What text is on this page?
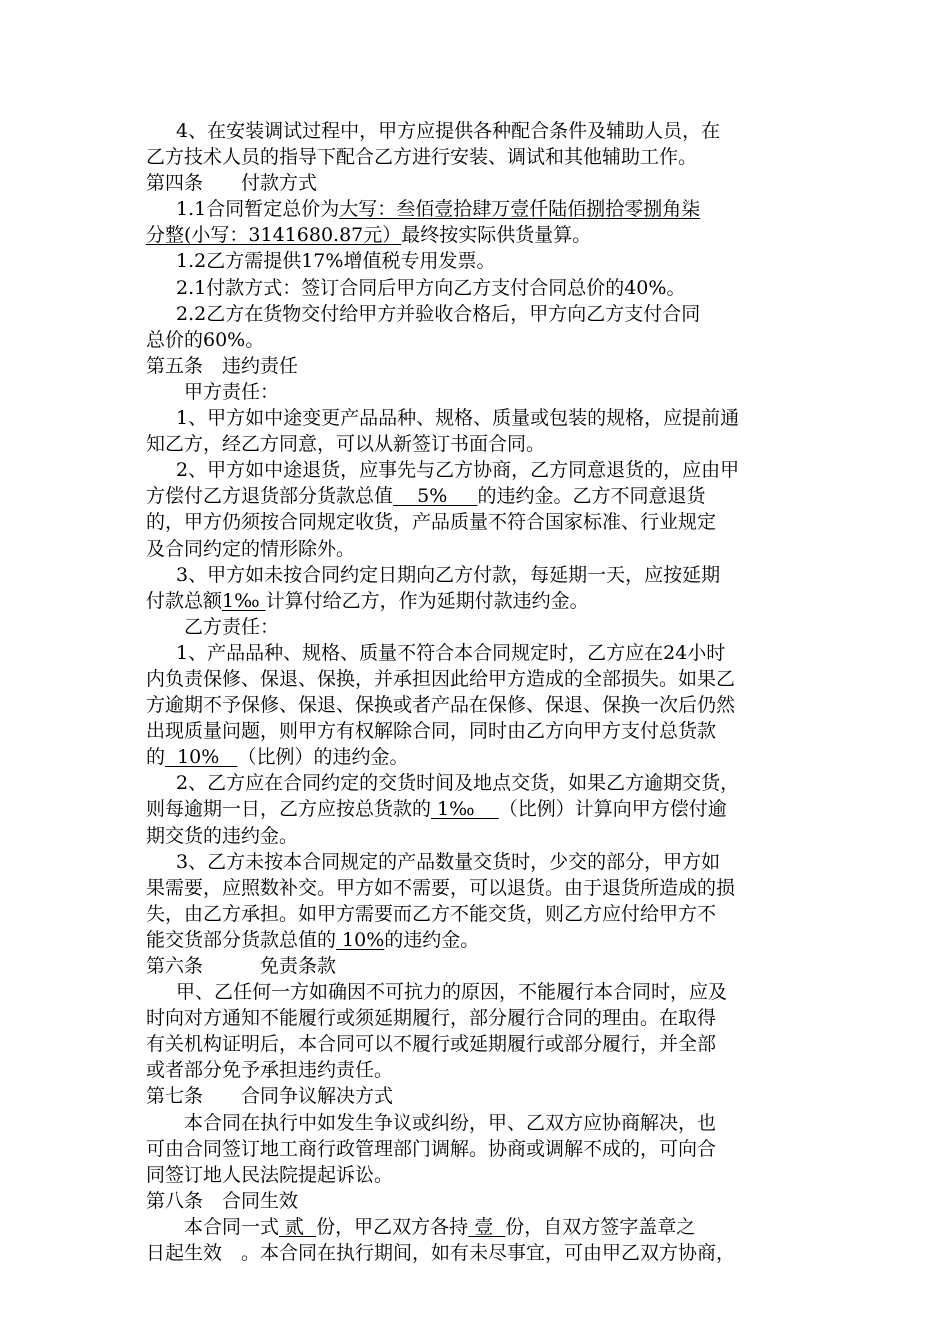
4、在安装调试过程中，甲方应提供各种配合条件及辅助人员，在
乙方技术人员的指导下配合乙方进行安装、调试和其他辅助工作。
第四条　　付款方式
1.1合同暂定总价为大写：叁佰壹拾肆万壹仟陆佰捌拾零捌角柒
分整(小写：3141680.87元）最终按实际供货量算。
1.2乙方需提供17%增值税专用发票。
2.1付款方式：签订合同后甲方向乙方支付合同总价的40%。
2.2乙方在货物交付给甲方并验收合格后，甲方向乙方支付合同
总价的60%。
第五条　违约责任
甲方责任：
1、甲方如中途变更产品品种、规格、质量或包装的规格，应提前通
知乙方，经乙方同意，可以从新签订书面合同。
2、甲方如中途退货，应事先与乙方协商，乙方同意退货的，应由甲
方偿付乙方退货部分货款总值    5%     的违约金。乙方不同意退货
的，甲方仍须按合同规定收货，产品质量不符合国家标准、行业规定
及合同约定的情形除外。
3、甲方如未按合同约定日期向乙方付款，每延期一天，应按延期
付款总额1‰ 计算付给乙方，作为延期付款违约金。
乙方责任：
1、产品品种、规格、质量不符合本合同规定时，乙方应在24小时
内负责保修、保退、保换，并承担因此给甲方造成的全部损失。如果乙
方逾期不予保修、保退、保换或者产品在保修、保退、保换一次后仍然
出现质量问题，则甲方有权解除合同，同时由乙方向甲方支付总货款
的  10%   （比例）的违约金。
2、乙方应在合同约定的交货时间及地点交货，如果乙方逾期交货，
则每逾期一日，乙方应按总货款的 1‰    （比例）计算向甲方偿付逾
期交货的违约金。
3、乙方未按本合同规定的产品数量交货时，少交的部分，甲方如
果需要，应照数补交。甲方如不需要，可以退货。由于退货所造成的损
失，由乙方承担。如甲方需要而乙方不能交货，则乙方应付给甲方不
能交货部分货款总值的 10%的违约金。
第六条　　　免责条款
甲、乙任何一方如确因不可抗力的原因，不能履行本合同时，应及
时向对方通知不能履行或须延期履行，部分履行合同的理由。在取得
有关机构证明后，本合同可以不履行或延期履行或部分履行，并全部
或者部分免予承担违约责任。
第七条　　合同争议解决方式
本合同在执行中如发生争议或纠纷，甲、乙双方应协商解决，也
可由合同签订地工商行政管理部门调解。协商或调解不成的，可向合
同签订地人民法院提起诉讼。
第八条　合同生效
本合同一式 贰  份，甲乙双方各持 壹  份，自双方签字盖章之
日起生效　。本合同在执行期间，如有未尽事宜，可由甲乙双方协商，
